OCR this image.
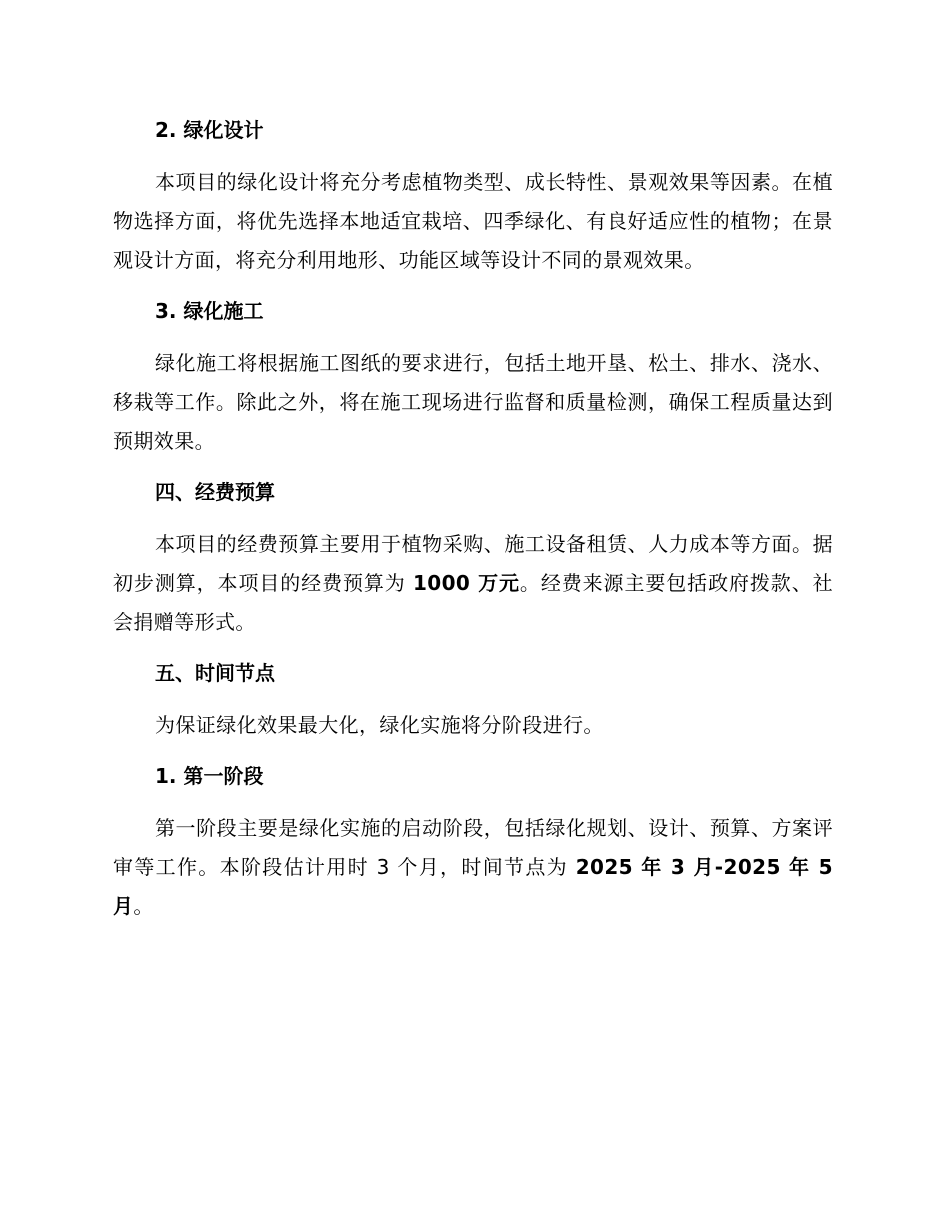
2. 绿化设计

本项目的绿化设计将充分考虑植物类型、成长特性、景观效果等因素。在植物选择方面，将优先选择本地适宜栽培、四季绿化、有良好适应性的植物；在景观设计方面，将充分利用地形、功能区域等设计不同的景观效果。

3. 绿化施工

绿化施工将根据施工图纸的要求进行，包括土地开垦、松土、排水、浇水、移栽等工作。除此之外，将在施工现场进行监督和质量检测，确保工程质量达到预期效果。

四、经费预算

本项目的经费预算主要用于植物采购、施工设备租赁、人力成本等方面。据初步测算，本项目的经费预算为 1000 万元。经费来源主要包括政府拨款、社会捐赠等形式。

五、时间节点

为保证绿化效果最大化，绿化实施将分阶段进行。

1. 第一阶段

第一阶段主要是绿化实施的启动阶段，包括绿化规划、设计、预算、方案评审等工作。本阶段估计用时 3 个月，时间节点为 2025 年 3 月-2025 年 5 月。
